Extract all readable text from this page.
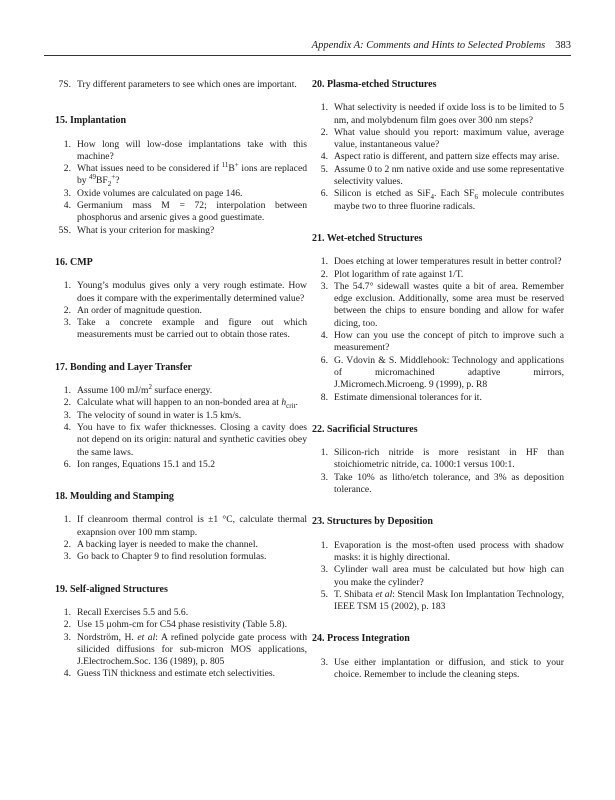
Appendix A: Comments and Hints to Selected Problems 383
7S. Try different parameters to see which ones are important.
15. Implantation
1. How long will low-dose implantations take with this machine?
2. What issues need to be considered if $^{11}$B+ ions are replaced by $^{49}BF_2^+$?
3. Oxide volumes are calculated on page 146.
4. Germanium mass M = 72; interpolation between phosphorus and arsenic gives a good guestimate.
5S. What is your criterion for masking?
16. CMP
1. Young’s modulus gives only a very rough estimate. How does it compare with the experimentally determined value?
2. An order of magnitude question.
3. Take a concrete example and figure out which measurements must be carried out to obtain those rates.
17. Bonding and Layer Transfer
1. Assume 100 $mJ/m^2$ surface energy.
2. Calculate what will happen to an non-bonded area at $h_{crit}$.
3. The velocity of sound in water is 1.5 km/s.
4. You have to fix wafer thicknesses. Closing a cavity does not depend on its origin: natural and synthetic cavities obey the same laws.
6. Ion ranges, Equations 15.1 and 15.2
18. Moulding and Stamping
1. If cleanroom thermal control is ±1 °C, calculate thermal exapnsion over 100 mm stamp.
2. A backing layer is needed to make the channel.
3. Go back to Chapter 9 to find resolution formulas.
19. Self-aligned Structures
1. Recall Exercises 5.5 and 5.6.
2. Use 15 µohm-cm for C54 phase resistivity (Table 5.8).
3. Nordström, H. et al: A refined polycide gate process with silicided diffusions for sub-micron MOS applications, J.Electrochem.Soc. 136 (1989), p. 805
4. Guess TiN thickness and estimate etch selectivities.
20. Plasma-etched Structures
1. What selectivity is needed if oxide loss is to be limited to 5 nm, and molybdenum film goes over 300 nm steps?
2. What value should you report: maximum value, average value, instantaneous value?
4. Aspect ratio is different, and pattern size effects may arise.
5. Assume 0 to 2 nm native oxide and use some representative selectivity values.
6. Silicon is etched as SiF$_4$. Each $SF_6$ molecule contributes maybe two to three fluorine radicals.
21. Wet-etched Structures
1. Does etching at lower temperatures result in better control?
2. Plot logarithm of rate against 1/T.
3. The 54.7° sidewall wastes quite a bit of area. Remember edge exclusion. Additionally, some area must be reserved between the chips to ensure bonding and allow for wafer dicing, too.
4. How can you use the concept of pitch to improve such a measurement?
6. G. Vdovin & S. Middlehook: Technology and applications of micromachined adaptive mirrors, J.Micromech.Microeng. 9 (1999), p. R8
8. Estimate dimensional tolerances for it.
22. Sacrificial Structures
1. Silicon-rich nitride is more resistant in HF than stoichiometric nitride, ca. 1000:1 versus 100:1.
3. Take 10% as litho/etch tolerance, and 3% as deposition tolerance.
23. Structures by Deposition
1. Evaporation is the most-often used process with shadow masks: it is highly directional.
3. Cylinder wall area must be calculated but how high can you make the cylinder?
5. T. Shibata et al: Stencil Mask Ion Implantation Technology, IEEE TSM 15 (2002), p. 183
24. Process Integration
3. Use either implantation or diffusion, and stick to your choice. Remember to include the cleaning steps.
